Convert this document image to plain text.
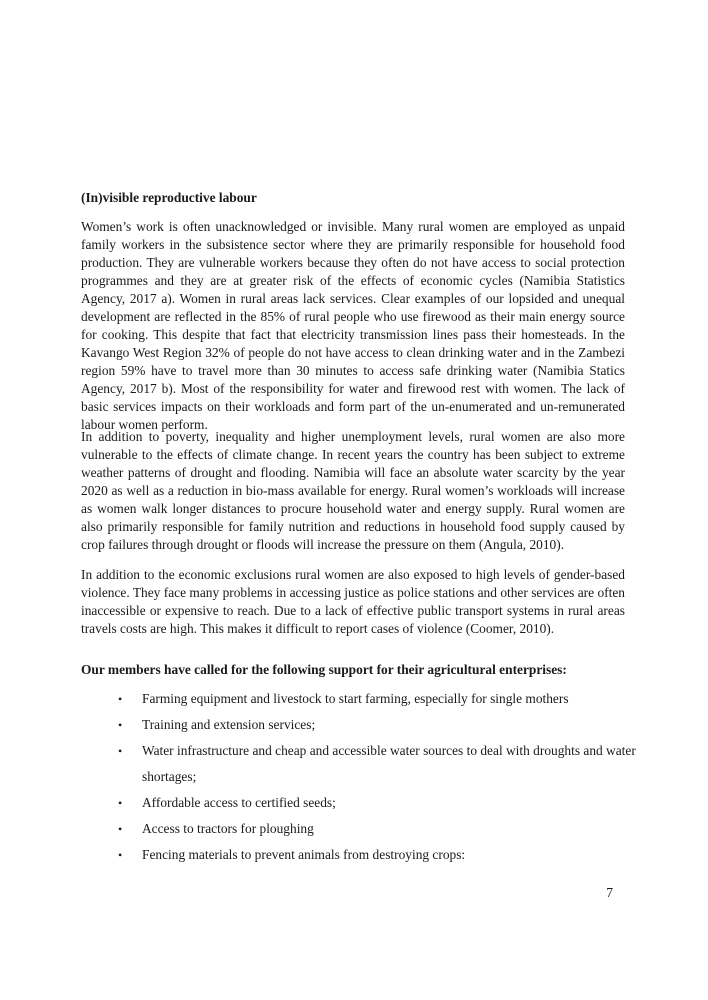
(In)visible reproductive labour

Women’s work is often unacknowledged or invisible. Many rural women are employed as unpaid family workers in the subsistence sector where they are primarily responsible for household food production. They are vulnerable workers because they often do not have access to social protection programmes and they are at greater risk of the effects of economic cycles (Namibia Statistics Agency, 2017 a). Women in rural areas lack services. Clear examples of our lopsided and unequal development are reflected in the 85% of rural people who use firewood as their main energy source for cooking. This despite that fact that electricity transmission lines pass their homesteads. In the Kavango West Region 32% of people do not have access to clean drinking water and in the Zambezi region 59% have to travel more than 30 minutes to access safe drinking water (Namibia Statics Agency, 2017 b). Most of the responsibility for water and firewood rest with women. The lack of basic services impacts on their workloads and form part of the un-enumerated and un-remunerated labour women perform.

In addition to poverty, inequality and higher unemployment levels, rural women are also more vulnerable to the effects of climate change. In recent years the country has been subject to extreme weather patterns of drought and flooding. Namibia will face an absolute water scarcity by the year 2020 as well as a reduction in bio-mass available for energy. Rural women’s workloads will increase as women walk longer distances to procure household water and energy supply. Rural women are also primarily responsible for family nutrition and reductions in household food supply caused by crop failures through drought or floods will increase the pressure on them (Angula, 2010).

In addition to the economic exclusions rural women are also exposed to high levels of gender-based violence. They face many problems in accessing justice as police stations and other services are often inaccessible or expensive to reach. Due to a lack of effective public transport systems in rural areas travels costs are high. This makes it difficult to report cases of violence (Coomer, 2010).

Our members have called for the following support for their agricultural enterprises:

• Farming equipment and livestock to start farming, especially for single mothers
• Training and extension services;
• Water infrastructure and cheap and accessible water sources to deal with droughts and water shortages;
• Affordable access to certified seeds;
• Access to tractors for ploughing
• Fencing materials to prevent animals from destroying crops:

7
